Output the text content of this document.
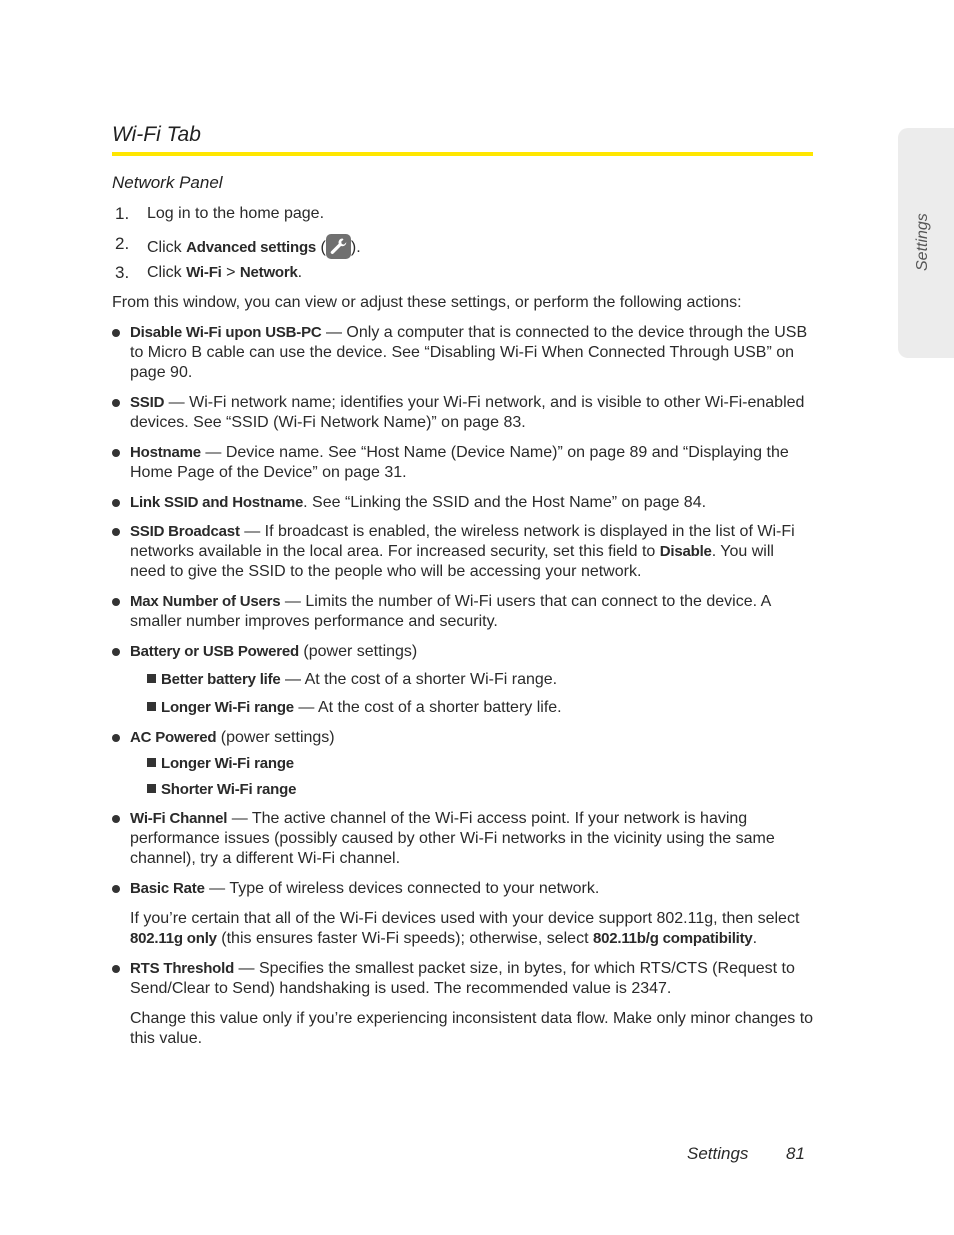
Settings
Wi-Fi Tab
Network Panel
1.	Log in to the home page.
2.	Click Advanced settings ( ).
3.	Click Wi-Fi > Network.
From this window, you can view or adjust these settings, or perform the following actions:
Disable Wi-Fi upon USB-PC — Only a computer that is connected to the device through the USB to Micro B cable can use the device. See “Disabling Wi-Fi When Connected Through USB” on page 90.
SSID — Wi-Fi network name; identifies your Wi-Fi network, and is visible to other Wi-Fi-enabled devices. See “SSID (Wi-Fi Network Name)” on page 83.
Hostname — Device name. See “Host Name (Device Name)” on page 89 and “Displaying the Home Page of the Device” on page 31.
Link SSID and Hostname. See “Linking the SSID and the Host Name” on page 84.
SSID Broadcast — If broadcast is enabled, the wireless network is displayed in the list of Wi-Fi networks available in the local area. For increased security, set this field to Disable. You will need to give the SSID to the people who will be accessing your network.
Max Number of Users — Limits the number of Wi-Fi users that can connect to the device. A smaller number improves performance and security.
Battery or USB Powered (power settings)
Better battery life — At the cost of a shorter Wi-Fi range.
Longer Wi-Fi range — At the cost of a shorter battery life.
AC Powered (power settings)
Longer Wi-Fi range
Shorter Wi-Fi range
Wi-Fi Channel — The active channel of the Wi-Fi access point. If your network is having performance issues (possibly caused by other Wi-Fi networks in the vicinity using the same channel), try a different Wi-Fi channel.
Basic Rate — Type of wireless devices connected to your network.
If you’re certain that all of the Wi-Fi devices used with your device support 802.11g, then select 802.11g only (this ensures faster Wi-Fi speeds); otherwise, select 802.11b/g compatibility.
RTS Threshold — Specifies the smallest packet size, in bytes, for which RTS/CTS (Request to Send/Clear to Send) handshaking is used. The recommended value is 2347.
Change this value only if you’re experiencing inconsistent data flow. Make only minor changes to this value.
Settings 81
